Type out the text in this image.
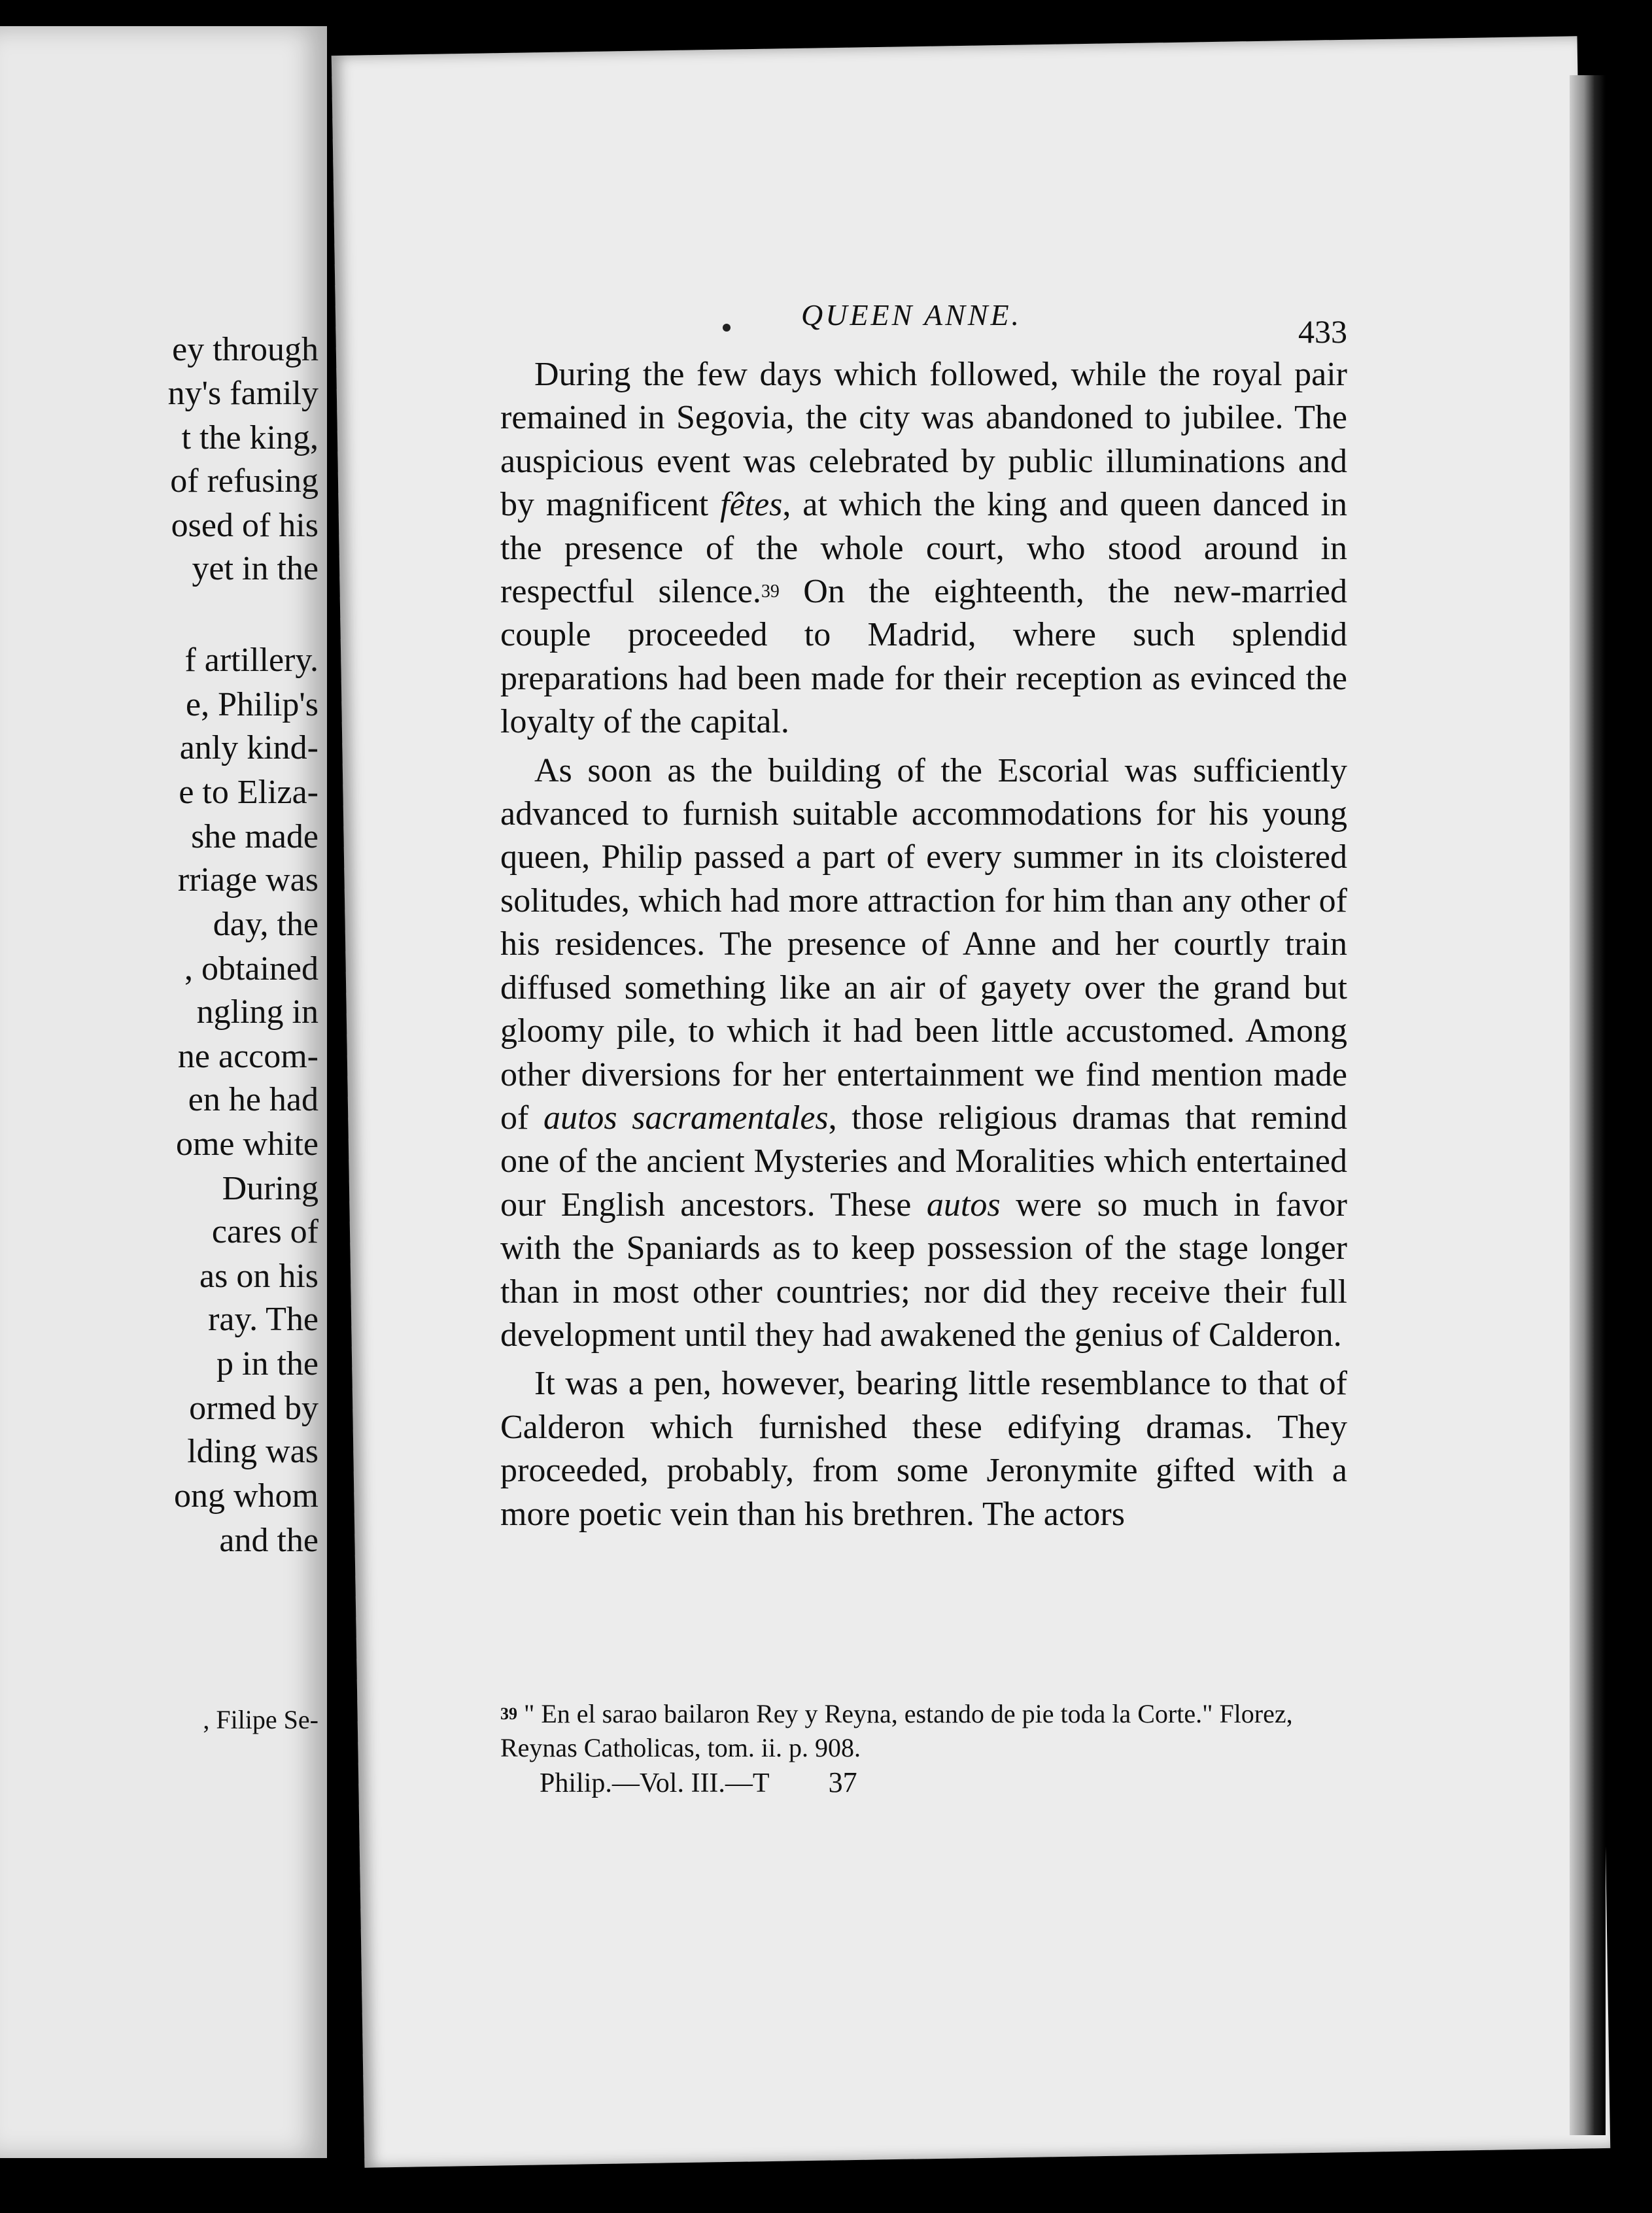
ey through
ny's family
t the king,
of refusing
osed of his
yet in the
f artillery.
e, Philip's
anly kind-
e to Eliza-
she made
rriage was
day, the
, obtained
ngling in
ne accom-
en he had
ome white
During
cares of
as on his
ray. The
p in the
ormed by
lding was
ong whom
and the
, Filipe Se-
QUEEN ANNE.	433

During the few days which followed, while the royal pair remained in Segovia, the city was abandoned to jubilee. The auspicious event was celebrated by public illuminations and by magnificent fêtes, at which the king and queen danced in the presence of the whole court, who stood around in respectful silence.$^{39}$ On the eighteenth, the new-married couple proceeded to Madrid, where such splendid preparations had been made for their reception as evinced the loyalty of the capital.

As soon as the building of the Escorial was sufficiently advanced to furnish suitable accommodations for his young queen, Philip passed a part of every summer in its cloistered solitudes, which had more attraction for him than any other of his residences. The presence of Anne and her courtly train diffused something like an air of gayety over the grand but gloomy pile, to which it had been little accustomed. Among other diversions for her entertainment we find mention made of autos sacramentales, those religious dramas that remind one of the ancient Mysteries and Moralities which entertained our English ancestors. These autos were so much in favor with the Spaniards as to keep possession of the stage longer than in most other countries; nor did they receive their full development until they had awakened the genius of Calderon.

It was a pen, however, bearing little resemblance to that of Calderon which furnished these edifying dramas. They proceeded, probably, from some Jeronymite gifted with a more poetic vein than his brethren. The actors

$^{39}$ " En el sarao bailaron Rey y Reyna, estando de pie toda la Corte." Florez, Reynas Catholicas, tom. ii. p. 908.
Philip.—Vol. III.—T 37
